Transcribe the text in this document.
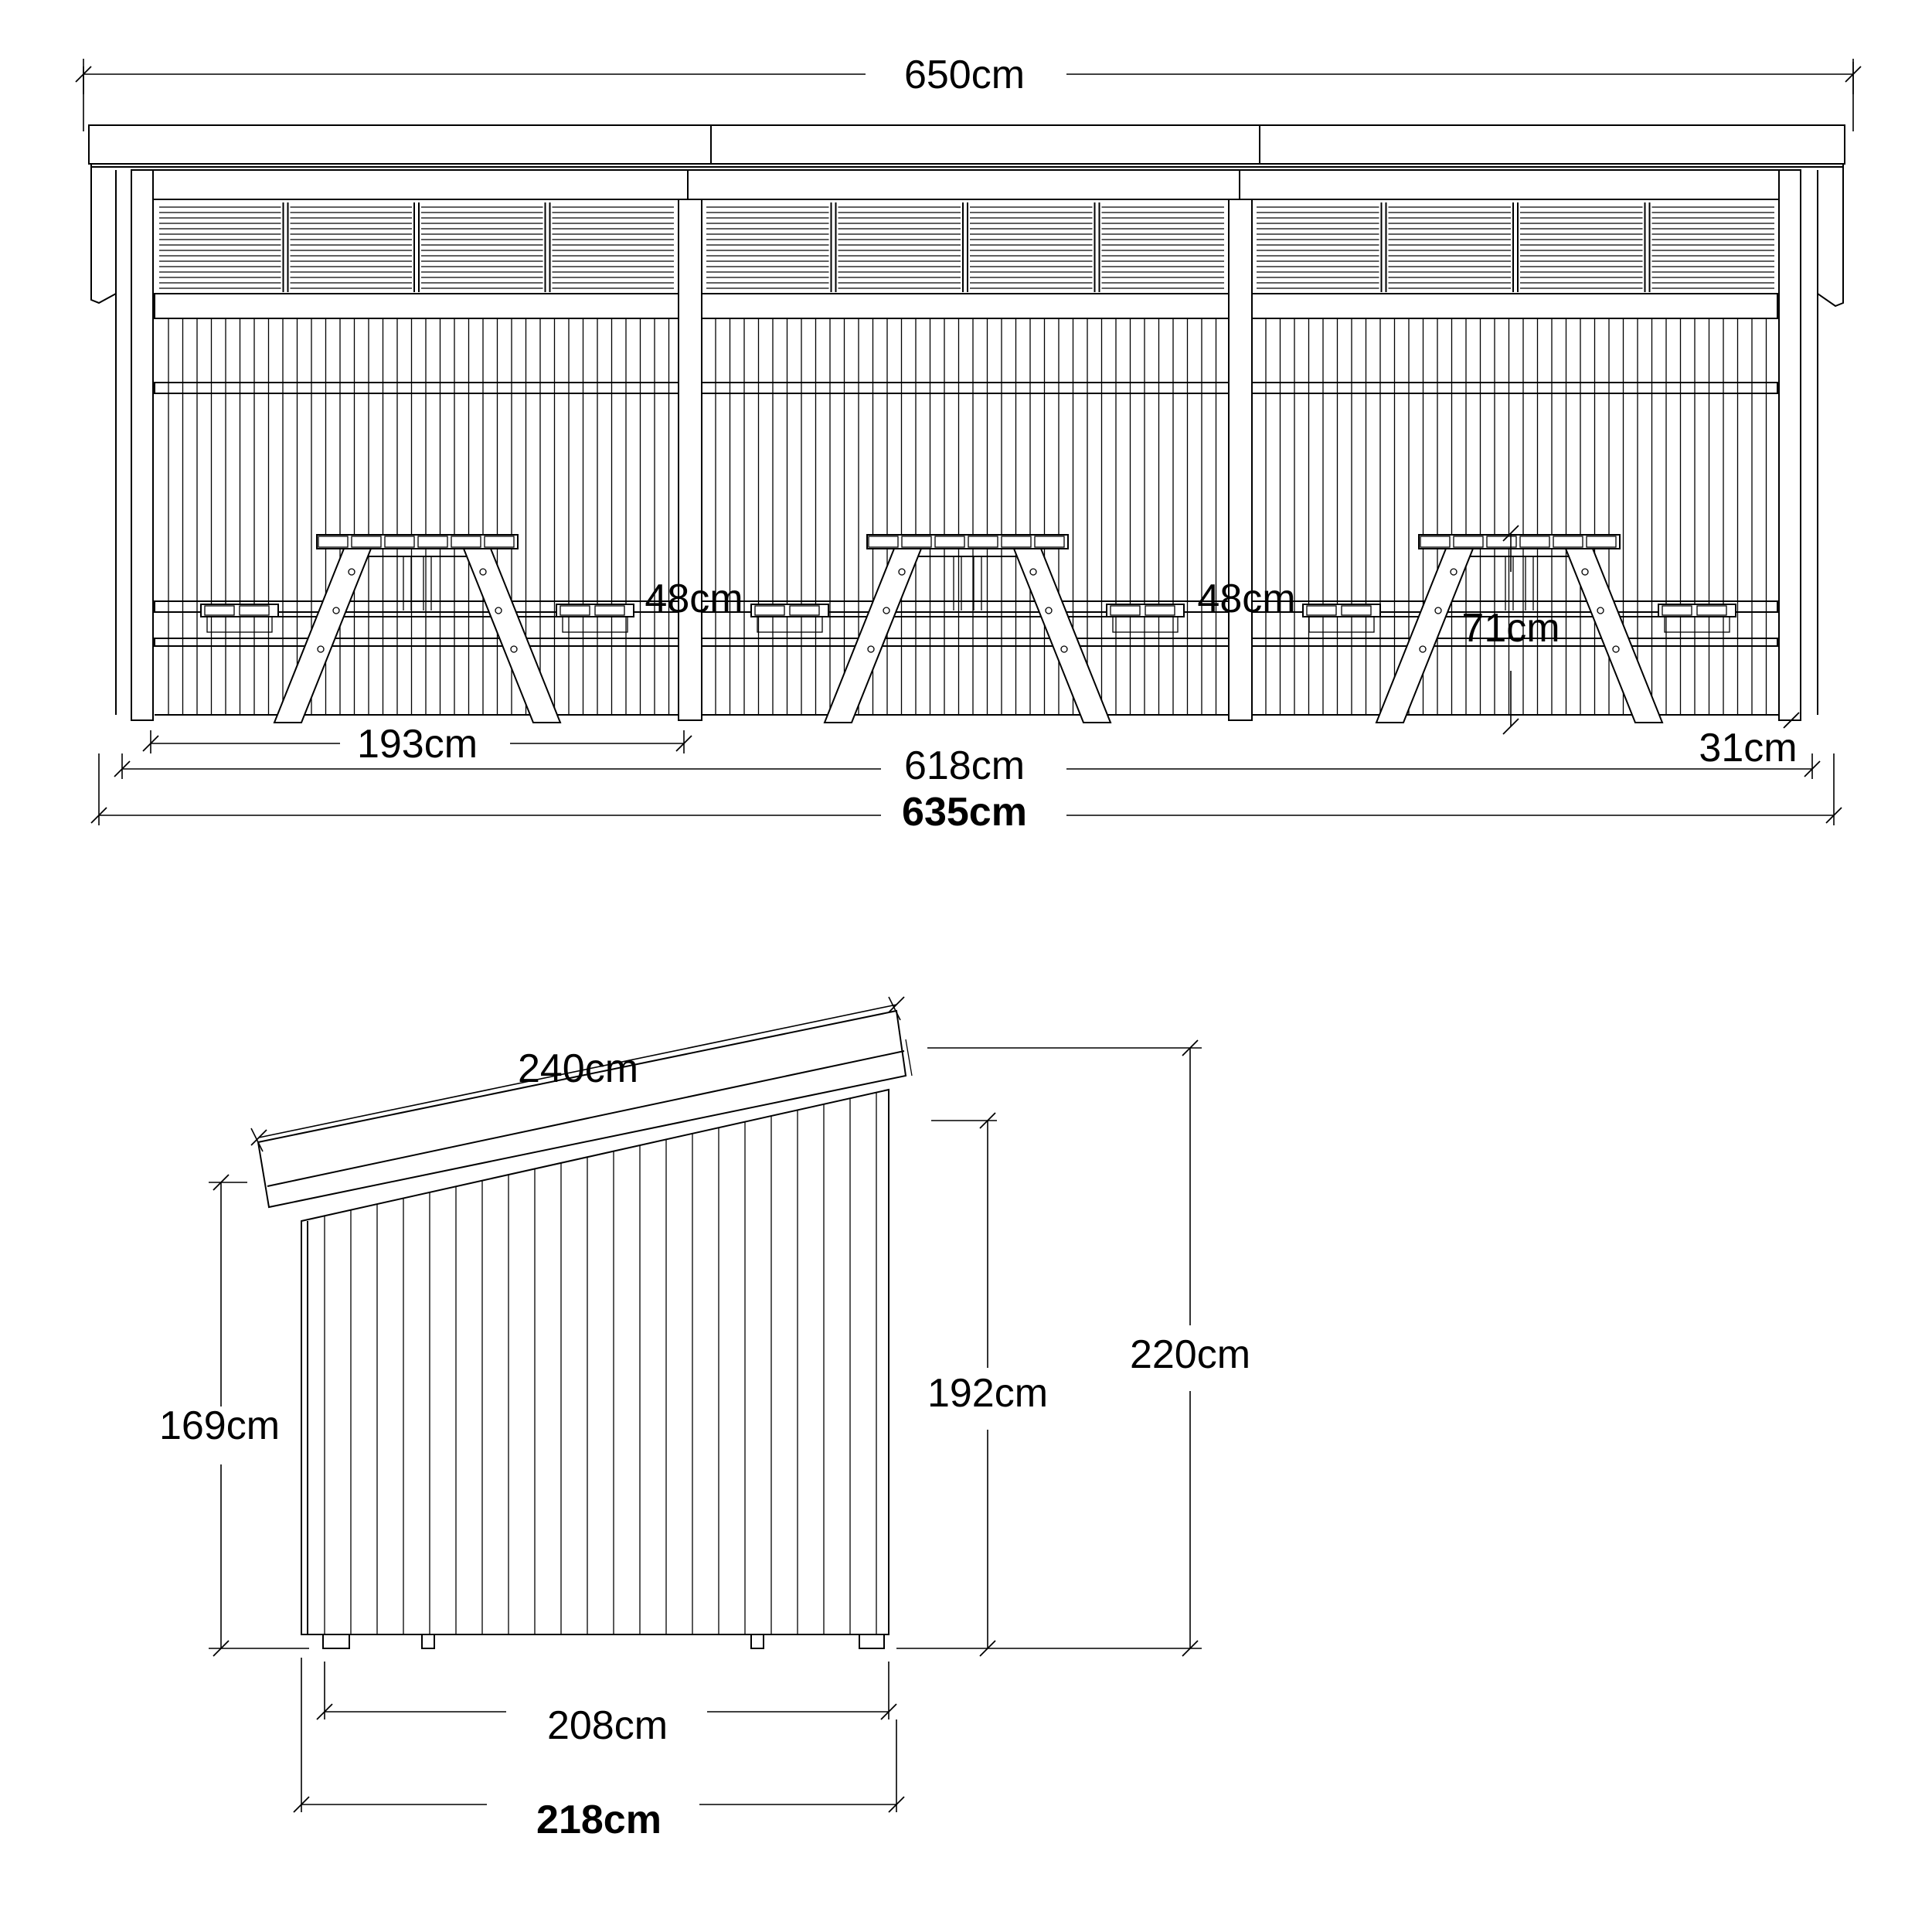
650cm
193cm	618cm
635cm
48cm	48cm
71cm
31cm
240cm
169cm
192cm
220cm
208cm
218cm
